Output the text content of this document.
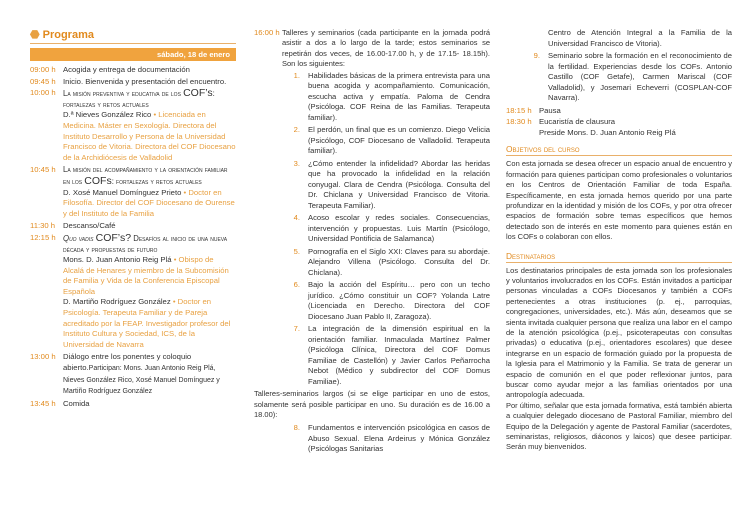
⬣ Programa
sábado, 18 de enero
09:00 h Acogida y entrega de documentación
09:45 h Inicio. Bienvenida y presentación del encuentro.
10:00 h La misión preventiva y educativa de los COF’s: fortalezas y retos actuales
D.ª Nieves González Rico • Licenciada en Medicina. Máster en Sexología. Directora del Instituto Desarrollo y Persona de la Universidad Francisco de Vitoria. Directora del COF Diocesano de la Archidiócesis de Valladolid
10:45 h La misión del acompañamiento y la orientación familiar en los COFs: fortalezas y retos actuales
D. Xosé Manuel Domínguez Prieto • Doctor en Filosofía. Director del COF Diocesano de Ourense y del Instituto de la Familia
11:30 h	Descanso/Café
12:15 h Quo vadis COF’s? Desafíos al inicio de una nueva década y propuestas de futuro
Mons. D. Juan Antonio Reig Plá • Obispo de Alcalá de Henares y miembro de la Subcomisión de Familia y Vida de la Conferencia Episcopal Española
D. Martiño Rodríguez González • Doctor en Psicología. Terapeuta Familiar y de Pareja acreditado por la FEAP. Investigador profesor del Instituto Cultura y Sociedad, ICS, de la Universidad de Navarra
13:00 h Diálogo entre los ponentes y coloquio abierto.Participan: Mons. Juan Antonio Reig Plá, Nieves González Rico, Xosé Manuel Domínguez y Martiño Rodríguez González
13:45 h Comida
16:00 h Talleres y seminarios (cada participante en la jornada podrá asistir a dos a lo largo de la tarde; estos seminarios se repetirán dos veces, de 16.00-17.00 h, y de 17.15- 18.15h). Son los siguientes:
1.	Habilidades básicas de la primera entrevista para una buena acogida y acompañamiento. Comunicación, escucha activa y empatía. Paloma de Cendra (Psicóloga. COF Reina de las Familias. Terapeuta familiar).
2.	El perdón, un final que es un comienzo. Diego Velicia (Psicólogo, COF Diocesano de Valladolid. Terapeuta familiar).
3.	¿Cómo entender la infidelidad? Abordar las heridas que ha provocado la infidelidad en la relación conyugal. Clara de Cendra (Psicóloga. Consulta del Dr. Chiclana y Universidad Francisco de Vitoria. Terapeuta Familiar).
4.	Acoso escolar y redes sociales. Consecuencias, intervención y propuestas. Luis Martín (Psicólogo, Universidad Pontificia de Salamanca)
5.	Pornografía en el Siglo XXI: Claves para su abordaje. Alejandro Villena (Psicólogo. Consulta del Dr. Chiclana).
6.	Bajo la acción del Espíritu… pero con un techo jurídico. ¿Cómo constituir un COF? Yolanda Latre (Licenciada en Derecho. Directora del COF Diocesano Juan Pablo II, Zaragoza).
7.	La integración de la dimensión espiritual en la orientación familiar. Inmaculada Martínez Palmer (Psicóloga Clínica, Directora del COF Domus Familiae de Castellón) y Javier Carlos Peñarrocha Nebot (Médico y subdirector del COF Domus Familiae).

Talleres-seminarios largos (si se elige participar en uno de estos, solamente será posible participar en uno. Su duración es de 16.00 a 18.00):

8.	Fundamentos e intervención psicológica en casos de Abuso Sexual. Elena Ardeirus y Mónica González (Psicólogas Sanitarias
Centro de Atención Integral a la Familia de la Universidad Francisco de Vitoria).
9.	Seminario sobre la formación en el reconocimiento de la fertilidad. Experiencias desde los COFs. Antonio Castillo (COF Getafe), Carmen Mariscal (COF Valladolid), y Josemari Echeverri (COSPLAN-COF Navarra).
18:15 h Pausa
18:30 h Eucaristía de clausura
Preside Mons. D. Juan Antonio Reig Plá
Objetivos del curso

Con esta jornada se desea ofrecer un espacio anual de encuentro y formación para quienes participan como profesionales o voluntarios en los Centros de Orientación Familiar de toda España. Específicamente, en esta jornada hemos querido por una parte profundizar en la identidad y misión de los COFs, y por otra ofrecer espacios de formación sobre temas específicos que hemos detectado son de interés en este momento para quienes están en los COFs o colaboran con ellos.

Destinatarios

Los destinatarios principales de esta jornada son los profesionales y voluntarios involucrados en los COFs. Están invitados a participar personas vinculadas a COFs Diocesanos y también a COFs pertenecientes a otras instituciones (p. ej., parroquias, congregaciones, universidades, etc.). Más aún, deseamos que se sienta invitada cualquier persona que realiza una labor en el campo de la atención psicológica (p.ej., psicoterapeutas con consultas privadas) o educativa (p.ej., orientadores escolares) que desee integrarse en un espacio de formación guiado por la propuesta de la Iglesia para el Matrimonio y la Familia. Se trata de generar un espacio de comunión en el que poder reflexionar juntos, para buscar como ayudar mejor a las familias orientados por una antropología adecuada.

Por último, señalar que esta jornada formativa, está también abierta a cualquier delegado diocesano de Pastoral Familiar, miembro del Equipo de la Delegación y agente de Pastoral Familiar (sacerdotes, seminaristas, religiosos, diáconos y laicos) que desee participar. Serán muy bienvenidos.
